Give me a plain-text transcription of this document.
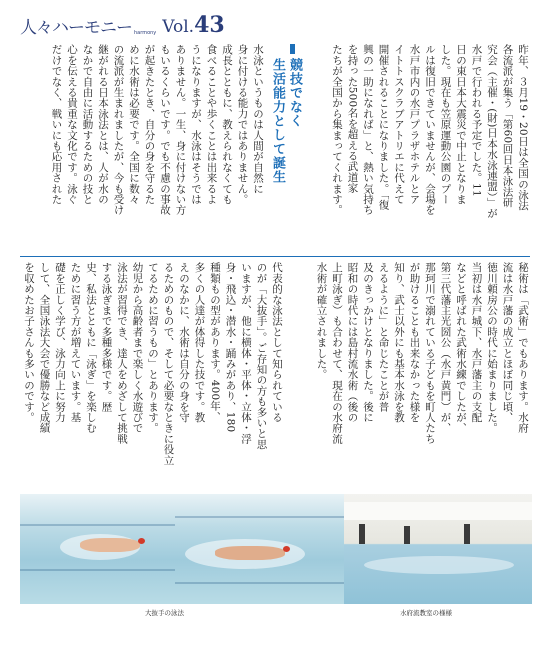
人々ハーモニー harmony Vol.43
昨年、３月19・20日は全国の泳法
各流派が集う「第60回日本泳法研
究会（主催・(財)日本水泳連盟）」が
水戸で行われる予定でした。11
日の東日本大震災で中止となりま
した。現在も笠原運動公園のプー
ルは復旧できていませんが、会場を
水戸市内の水戸プラザホテルとア
イトトスクラブアトリエに代えて
開催されることになりました。「復
興の一助になれば」と、熱い気持ち
を持った500名を超える武道家
たちが全国から集まってくれます。
競技でなく
生活能力として誕生
水泳というものは人間が自然に
身に付ける能力ではありません。
成長とともに、教えられなくても
食べることや歩くことは出来るよ
うになりますが、水泳はそうでは
ありません。一生、身に付けない方
もいるくらいです。でも不慮の事故
が起きたとき、自分の身を守るた
めに水術は必要です。全国に数々
の流派が生まれましたが、今も受け
継がれる日本泳法とは、人が水の
なかで自由に活動するための技と
心を伝える貴重な文化です。泳ぐ
だけでなく、戦いにも応用された
秘術は「武術」でもあります。水府
流は水戸藩の成立とほぼ同じ頃、
徳川頼房公の時代に始まりました。
当初は水戸城下、水戸藩主の支配
などと呼ばれた武術水練でしたが、
第三代藩主光圀公（水戸黄門）が、
那珂川で溺れている子どもを町人たち
が助けることも出来なかった様を
知り、武士以外にも基本水泳を教
えるように」と命じたことが普
及のきっかけとなりました。後に
昭和の時代には島村流水術（後の
上町泳ぎ）も合わせて、現在の水府流
水術が確立されました。
代表的な泳法として知られている
のが「大抜手」。ご存知の方も多いと思
いますが、他に横体・平体・立体・浮
身・飛込・潜水・踊みがあり、180
種類もの型があります。400年、
多くの人達が体得した技です。教
えのなかに、水術は自分の身を守
るためのもので、そして必要なときに役立
てるために習うもの」とあります。
幼児から高齢者まで楽しく水遊びで
泳法が習得でき、達人をめざして挑戦
する泳ぎまで多種多様です。歴
史、私法とともに「泳ぎ」を楽しむ
ために習う方が増えています。基
礎を正しく学び、泳力向上に努力
して、全国泳法大会で優勝など成績
を収めたお子さんも多いのです。
大抜手の泳法	水府流教室の様様
